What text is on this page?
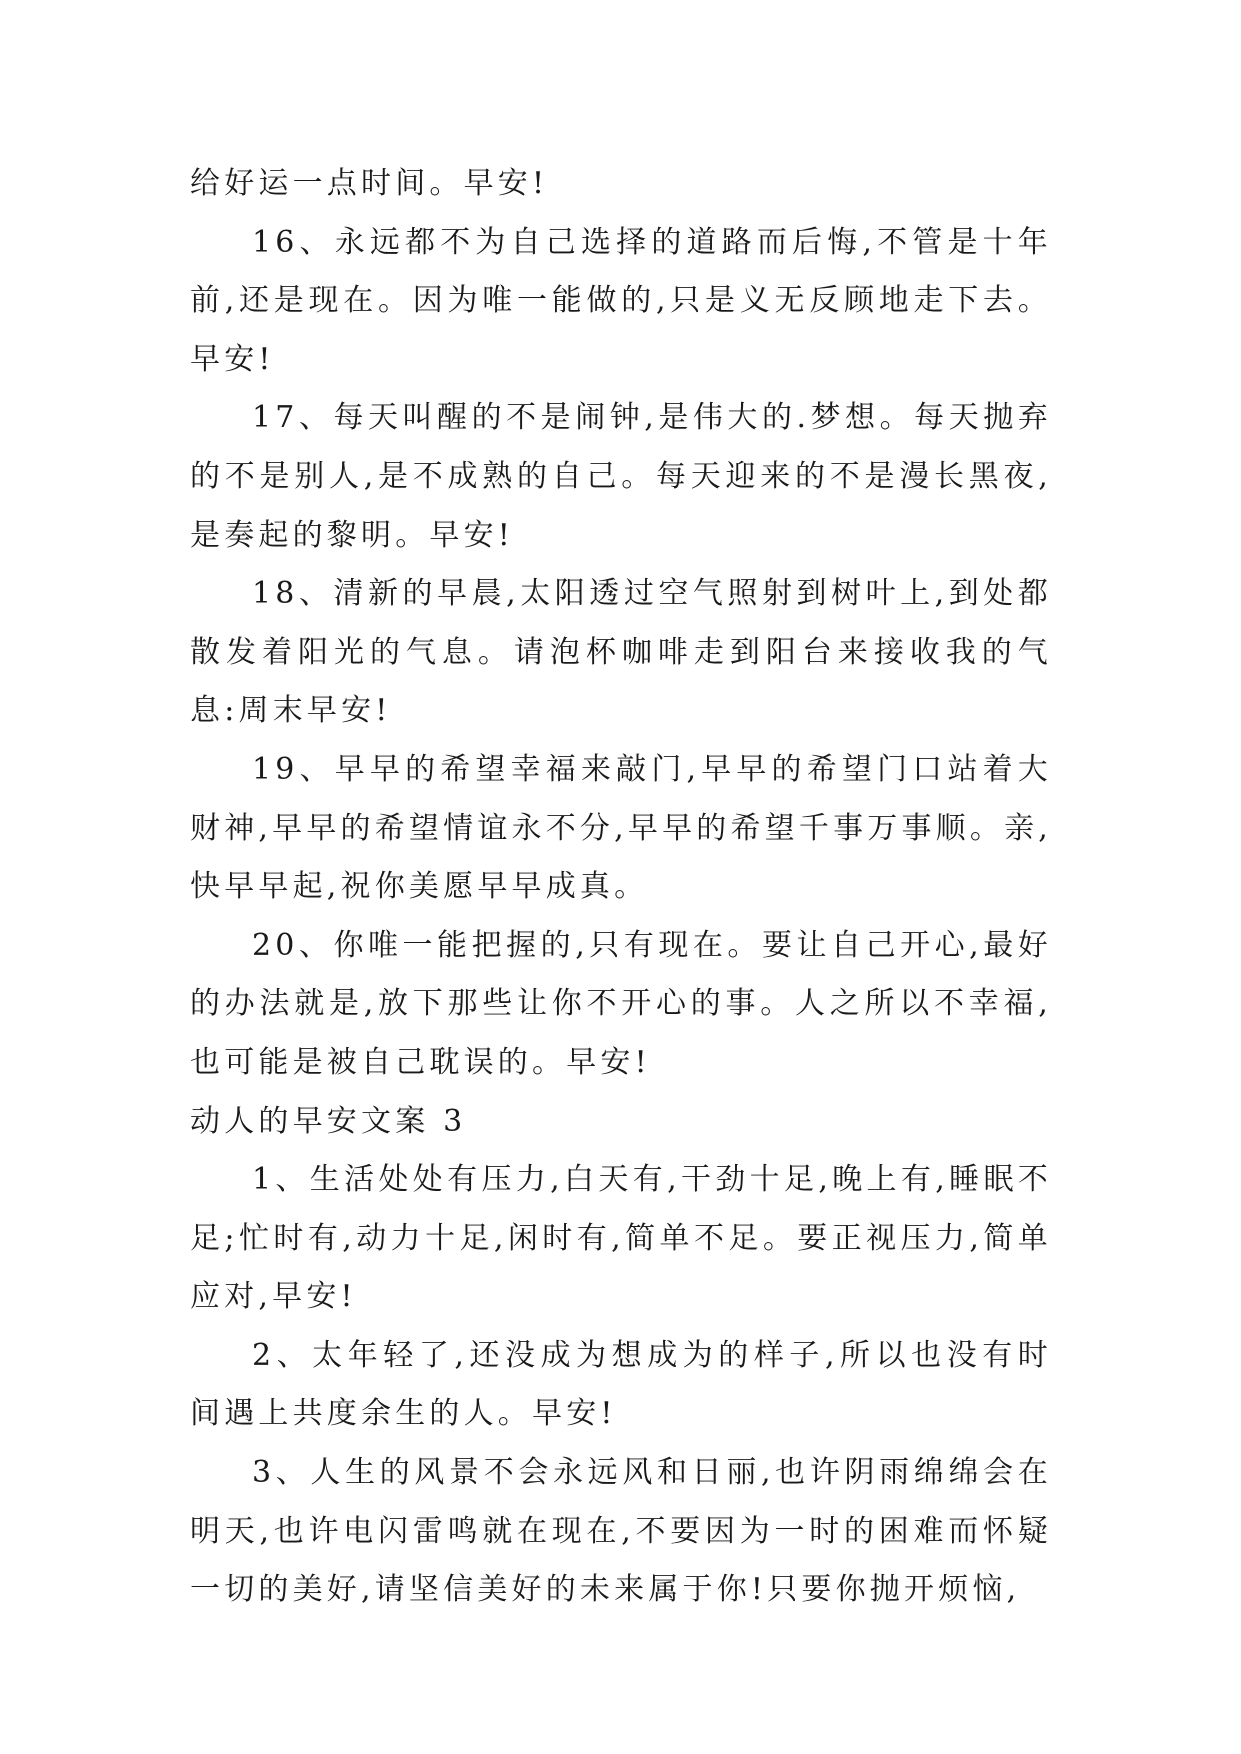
给好运一点时间。早安!

16、永远都不为自己选择的道路而后悔,不管是十年前,还是现在。因为唯一能做的,只是义无反顾地走下去。早安!

17、每天叫醒的不是闹钟,是伟大的.梦想。每天抛弃的不是别人,是不成熟的自己。每天迎来的不是漫长黑夜,是奏起的黎明。早安!

18、清新的早晨,太阳透过空气照射到树叶上,到处都散发着阳光的气息。请泡杯咖啡走到阳台来接收我的气息:周末早安!

19、早早的希望幸福来敲门,早早的希望门口站着大财神,早早的希望情谊永不分,早早的希望千事万事顺。亲,快早早起,祝你美愿早早成真。

20、你唯一能把握的,只有现在。要让自己开心,最好的办法就是,放下那些让你不开心的事。人之所以不幸福,也可能是被自己耽误的。早安!

动人的早安文案 3

1、生活处处有压力,白天有,干劲十足,晚上有,睡眠不足;忙时有,动力十足,闲时有,简单不足。要正视压力,简单应对,早安!

2、太年轻了,还没成为想成为的样子,所以也没有时间遇上共度余生的人。早安!

3、人生的风景不会永远风和日丽,也许阴雨绵绵会在明天,也许电闪雷鸣就在现在,不要因为一时的困难而怀疑一切的美好,请坚信美好的未来属于你!只要你抛开烦恼,
